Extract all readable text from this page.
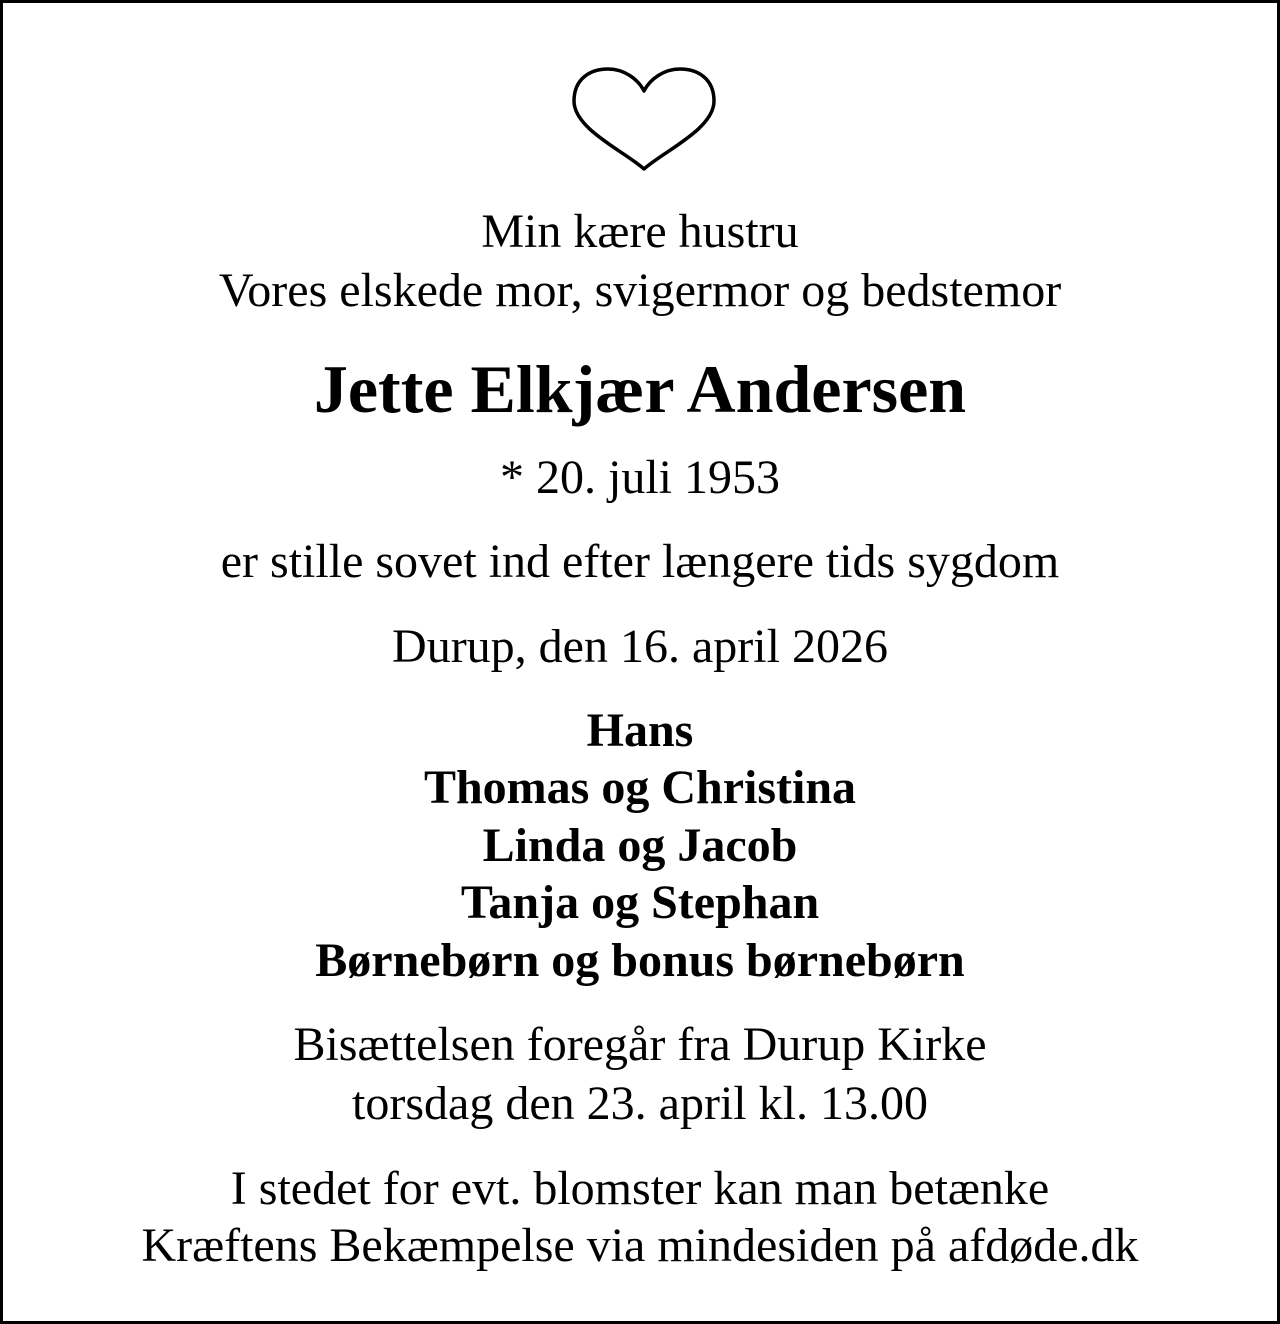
Min kære hustru
Vores elskede mor, svigermor og bedstemor
Jette Elkjær Andersen
* 20. juli 1953
er stille sovet ind efter længere tids sygdom
Durup, den 16. april 2026
Hans
Thomas og Christina
Linda og Jacob
Tanja og Stephan
Børnebørn og bonus børnebørn
Bisættelsen foregår fra Durup Kirke
torsdag den 23. april kl. 13.00
I stedet for evt. blomster kan man betænke
Kræftens Bekæmpelse via mindesiden på afdøde.dk
